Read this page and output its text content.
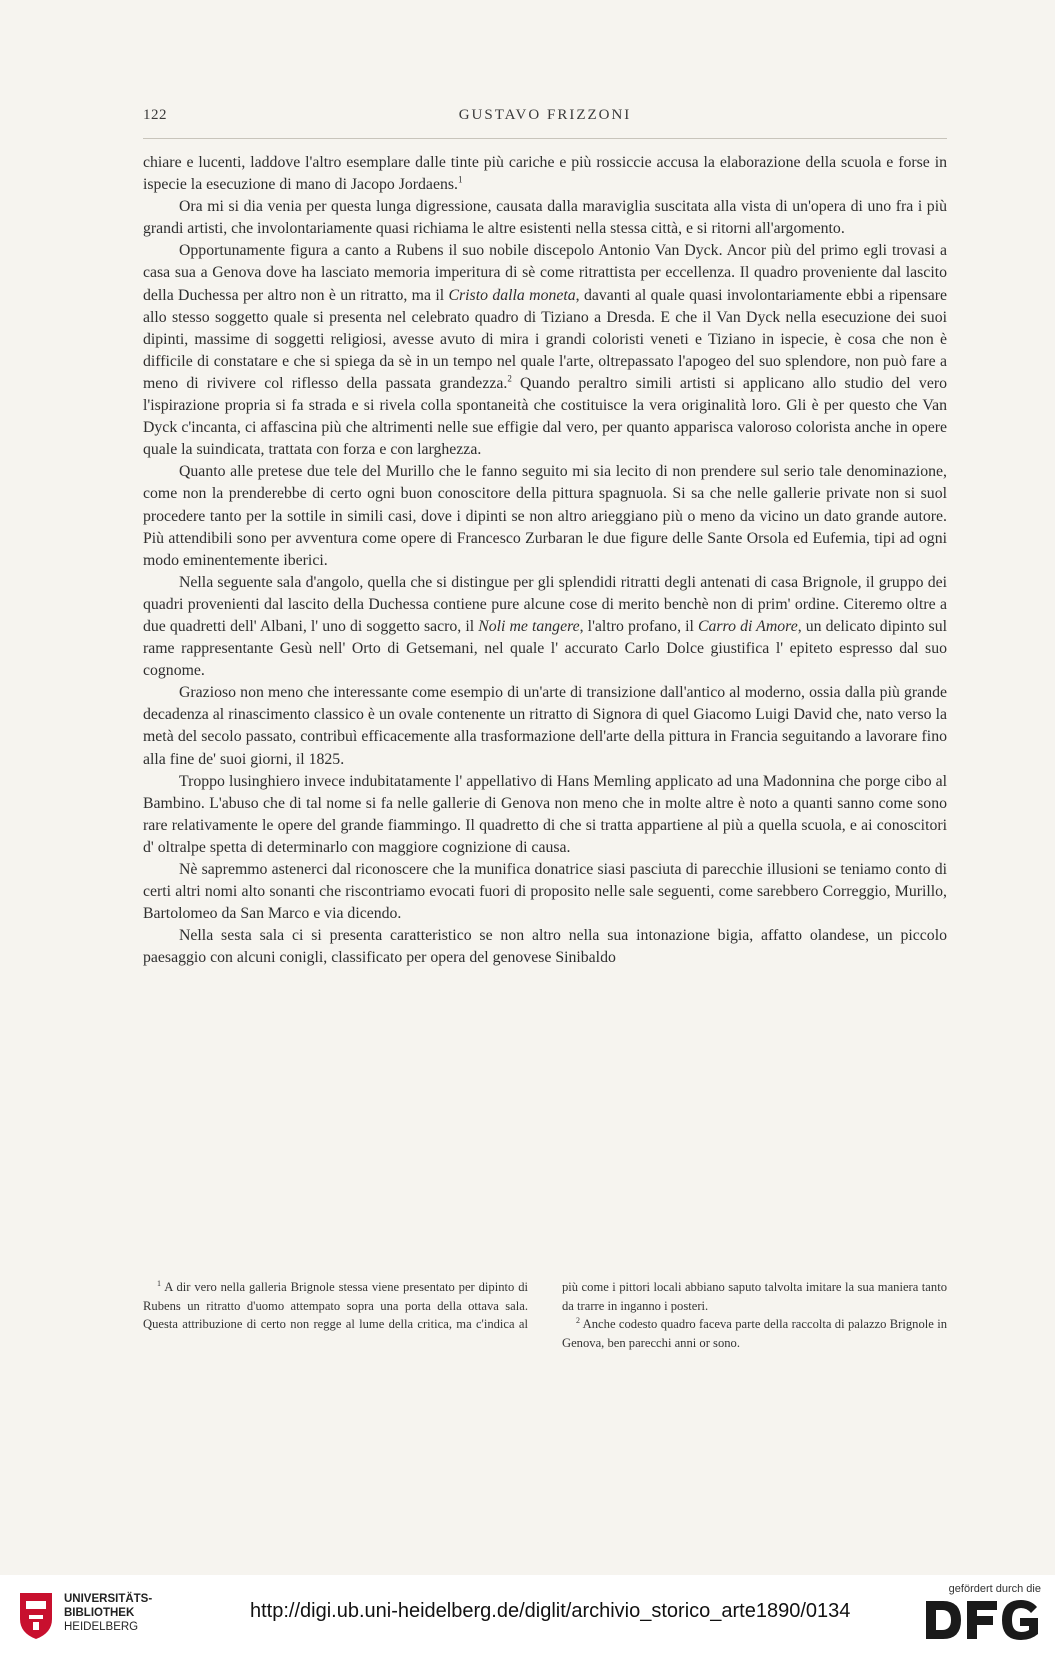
122	GUSTAVO FRIZZONI

chiare e lucenti, laddove l'altro esemplare dalle tinte più cariche e più rossiccie accusa la elaborazione della scuola e forse in ispecie la esecuzione di mano di Jacopo Jordaens.$^1$

Ora mi si dia venia per questa lunga digressione, causata dalla maraviglia suscitata alla vista di un'opera di uno fra i più grandi artisti, che involontariamente quasi richiama le altre esistenti nella stessa città, e si ritorni all'argomento.

Opportunamente figura a canto a Rubens il suo nobile discepolo Antonio Van Dyck. Ancor più del primo egli trovasi a casa sua a Genova dove ha lasciato memoria imperitura di sè come ritrattista per eccellenza. Il quadro proveniente dal lascito della Duchessa per altro non è un ritratto, ma il Cristo dalla moneta, davanti al quale quasi involontariamente ebbi a ripensare allo stesso soggetto quale si presenta nel celebrato quadro di Tiziano a Dresda. E che il Van Dyck nella esecuzione dei suoi dipinti, massime di soggetti religiosi, avesse avuto di mira i grandi coloristi veneti e Tiziano in ispecie, è cosa che non è difficile di constatare e che si spiega da sè in un tempo nel quale l'arte, oltrepassato l'apogeo del suo splendore, non può fare a meno di rivivere col riflesso della passata grandezza.$^2$ Quando peraltro simili artisti si applicano allo studio del vero l'ispirazione propria si fa strada e si rivela colla spontaneità che costituisce la vera originalità loro. Gli è per questo che Van Dyck c'incanta, ci affascina più che altrimenti nelle sue effigie dal vero, per quanto apparisca valoroso colorista anche in opere quale la suindicata, trattata con forza e con larghezza.

Quanto alle pretese due tele del Murillo che le fanno seguito mi sia lecito di non prendere sul serio tale denominazione, come non la prenderebbe di certo ogni buon conoscitore della pittura spagnuola. Si sa che nelle gallerie private non si suol procedere tanto per la sottile in simili casi, dove i dipinti se non altro arieggiano più o meno da vicino un dato grande autore. Più attendibili sono per avventura come opere di Francesco Zurbaran le due figure delle Sante Orsola ed Eufemia, tipi ad ogni modo eminentemente iberici.

Nella seguente sala d'angolo, quella che si distingue per gli splendidi ritratti degli antenati di casa Brignole, il gruppo dei quadri provenienti dal lascito della Duchessa contiene pure alcune cose di merito benchè non di prim' ordine. Citeremo oltre a due quadretti dell' Albani, l' uno di soggetto sacro, il Noli me tangere, l'altro profano, il Carro di Amore, un delicato dipinto sul rame rappresentante Gesù nell' Orto di Getsemani, nel quale l' accurato Carlo Dolce giustifica l' epiteto espresso dal suo cognome.

Grazioso non meno che interessante come esempio di un'arte di transizione dall'antico al moderno, ossia dalla più grande decadenza al rinascimento classico è un ovale contenente un ritratto di Signora di quel Giacomo Luigi David che, nato verso la metà del secolo passato, contribuì efficacemente alla trasformazione dell'arte della pittura in Francia seguitando a lavorare fino alla fine de' suoi giorni, il 1825.

Troppo lusinghiero invece indubitatamente l' appellativo di Hans Memling applicato ad una Madonnina che porge cibo al Bambino. L'abuso che di tal nome si fa nelle gallerie di Genova non meno che in molte altre è noto a quanti sanno come sono rare relativamente le opere del grande fiammingo. Il quadretto di che si tratta appartiene al più a quella scuola, e ai conoscitori d' oltralpe spetta di determinarlo con maggiore cognizione di causa.

Nè sapremmo astenerci dal riconoscere che la munifica donatrice siasi pasciuta di parecchie illusioni se teniamo conto di certi altri nomi alto sonanti che riscontriamo evocati fuori di proposito nelle sale seguenti, come sarebbero Correggio, Murillo, Bartolomeo da San Marco e via dicendo.

Nella sesta sala ci si presenta caratteristico se non altro nella sua intonazione bigia, affatto olandese, un piccolo paesaggio con alcuni conigli, classificato per opera del genovese Sinibaldo

$^1$ A dir vero nella galleria Brignole stessa viene presentato per dipinto di Rubens un ritratto d'uomo attempato sopra una porta della ottava sala. Questa attribuzione di certo non regge al lume della critica, ma c'indica al più come i pittori locali abbiano saputo talvolta imitare la sua maniera tanto da trarre in inganno i posteri.

$^2$ Anche codesto quadro faceva parte della raccolta di palazzo Brignole in Genova, ben parecchi anni or sono.

UNIVERSITÄTS-
BIBLIOTHEK
HEIDELBERG
http://digi.ub.uni-heidelberg.de/diglit/archivio_storico_arte1890/0134
gefördert durch die
